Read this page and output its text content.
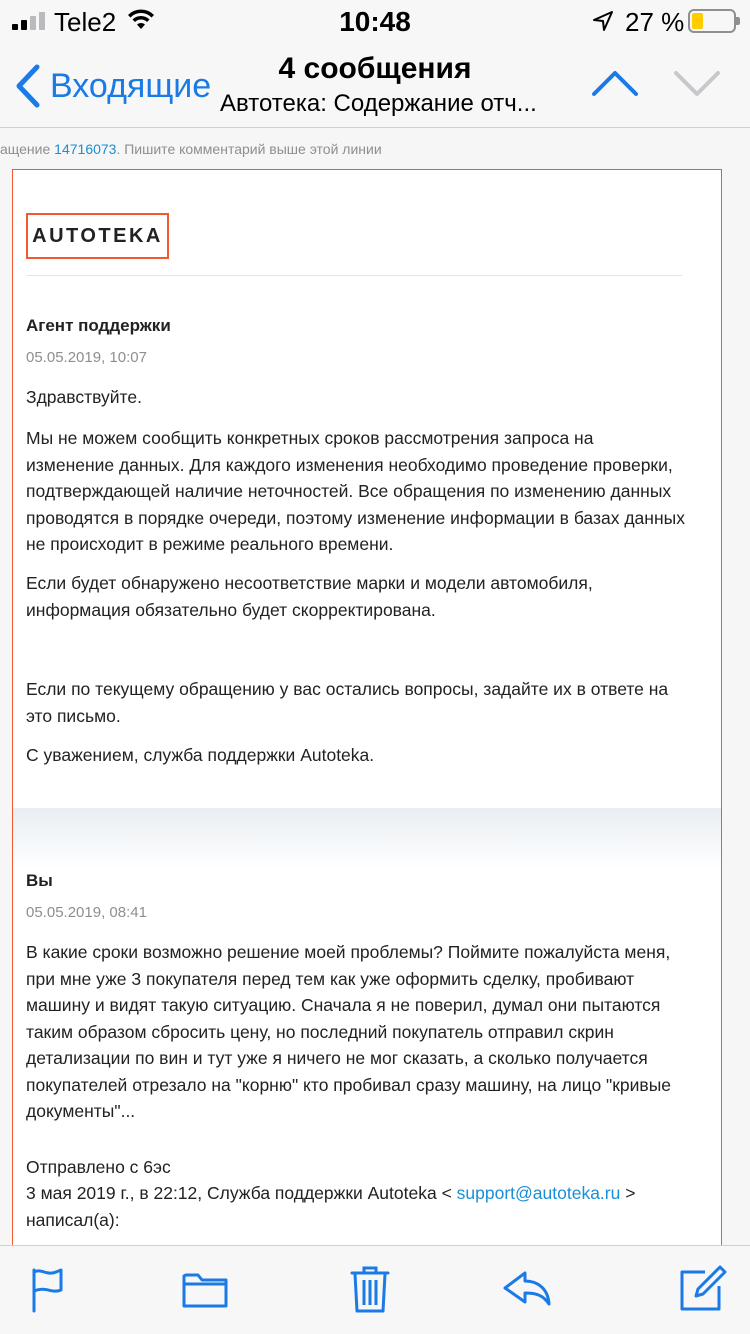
Tele2	10:48	27 %
Входящие	4 сообщения
Автотека: Содержание отч...
ащение 14716073. Пишите комментарий выше этой линии
AUTOTEKA
Агент поддержки
05.05.2019, 10:07
Здравствуйте.
Мы не можем сообщить конкретных сроков рассмотрения запроса на изменение данных. Для каждого изменения необходимо проведение проверки, подтверждающей наличие неточностей. Все обращения по изменению данных проводятся в порядке очереди, поэтому изменение информации в базах данных не происходит в режиме реального времени.
Если будет обнаружено несоответствие марки и модели автомобиля, информация обязательно будет скорректирована.
Если по текущему обращению у вас остались вопросы, задайте их в ответе на это письмо.
С уважением, служба поддержки Autoteka.
Вы
05.05.2019, 08:41
В какие сроки возможно решение моей проблемы? Поймите пожалуйста меня, при мне уже 3 покупателя перед тем как уже оформить сделку, пробивают машину и видят такую ситуацию. Сначала я не поверил, думал они пытаются таким образом сбросить цену, но последний покупатель отправил скрин детализации по вин и тут уже я ничего не мог сказать, а сколько получается покупателей отрезало на "корню" кто пробивал сразу машину, на лицо "кривые документы"...
Отправлено с 6эс
3 мая 2019 г., в 22:12, Служба поддержки Autoteka < support@autoteka.ru >
написал(а):
